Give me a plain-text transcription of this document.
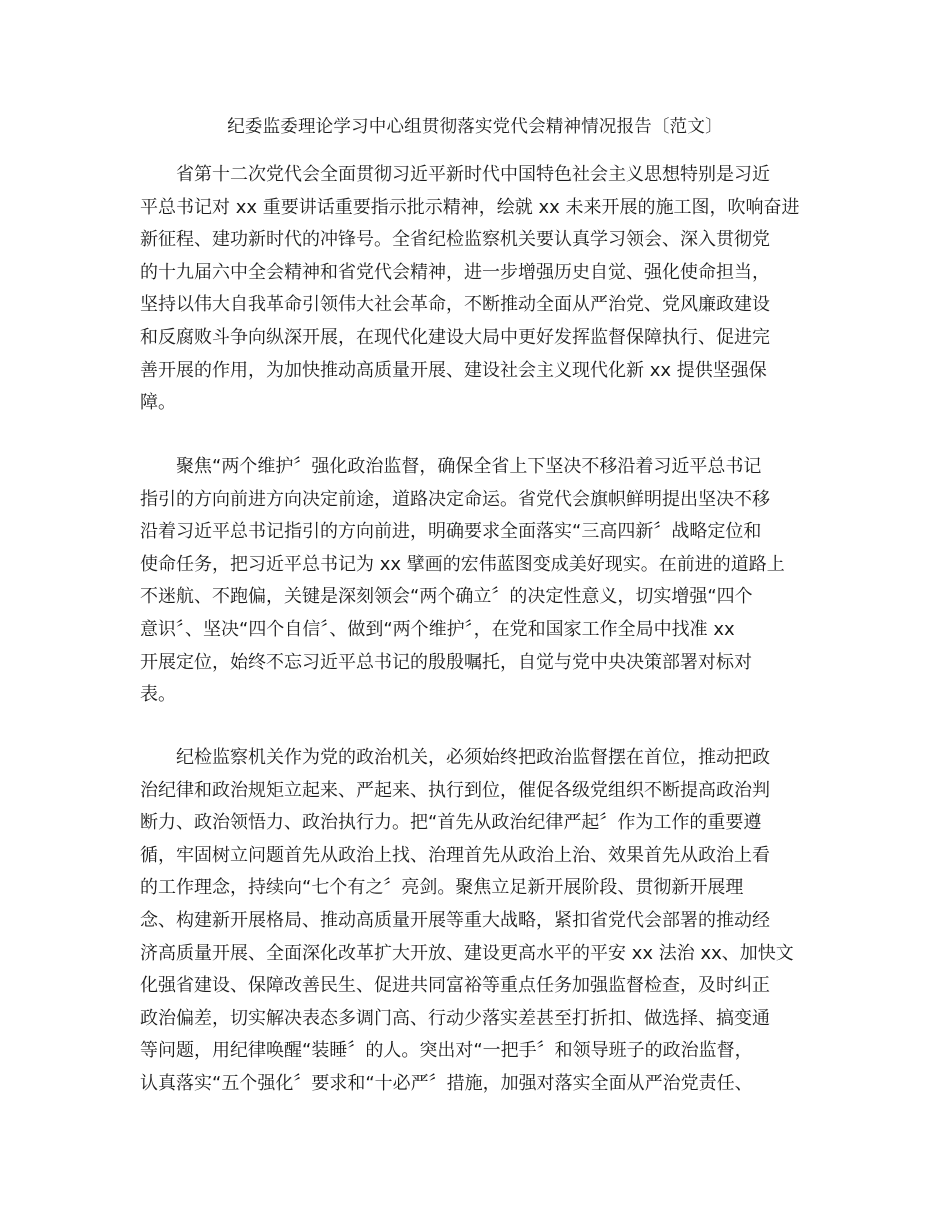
纪委监委理论学习中心组贯彻落实党代会精神情况报告〔范文〕
　　省第十二次党代会全面贯彻习近平新时代中国特色社会主义思想特别是习近
平总书记对 xx 重要讲话重要指示批示精神，绘就 xx 未来开展的施工图，吹响奋进
新征程、建功新时代的冲锋号。全省纪检监察机关要认真学习领会、深入贯彻党
的十九届六中全会精神和省党代会精神，进一步增强历史自觉、强化使命担当，
坚持以伟大自我革命引领伟大社会革命，不断推动全面从严治党、党风廉政建设
和反腐败斗争向纵深开展，在现代化建设大局中更好发挥监督保障执行、促进完
善开展的作用，为加快推动高质量开展、建设社会主义现代化新 xx 提供坚强保
障。
　　聚焦“两个维护〞强化政治监督，确保全省上下坚决不移沿着习近平总书记
指引的方向前进方向决定前途，道路决定命运。省党代会旗帜鲜明提出坚决不移
沿着习近平总书记指引的方向前进，明确要求全面落实“三高四新〞战略定位和
使命任务，把习近平总书记为 xx 擘画的宏伟蓝图变成美好现实。在前进的道路上
不迷航、不跑偏，关键是深刻领会“两个确立〞的决定性意义，切实增强“四个
意识〞、坚决“四个自信〞、做到“两个维护〞，在党和国家工作全局中找准 xx
开展定位，始终不忘习近平总书记的殷殷嘱托，自觉与党中央决策部署对标对
表。
　　纪检监察机关作为党的政治机关，必须始终把政治监督摆在首位，推动把政
治纪律和政治规矩立起来、严起来、执行到位，催促各级党组织不断提高政治判
断力、政治领悟力、政治执行力。把“首先从政治纪律严起〞作为工作的重要遵
循，牢固树立问题首先从政治上找、治理首先从政治上治、效果首先从政治上看
的工作理念，持续向“七个有之〞亮剑。聚焦立足新开展阶段、贯彻新开展理
念、构建新开展格局、推动高质量开展等重大战略，紧扣省党代会部署的推动经
济高质量开展、全面深化改革扩大开放、建设更高水平的平安 xx 法治 xx、加快文
化强省建设、保障改善民生、促进共同富裕等重点任务加强监督检查，及时纠正
政治偏差，切实解决表态多调门高、行动少落实差甚至打折扣、做选择、搞变通
等问题，用纪律唤醒“装睡〞的人。突出对“一把手〞和领导班子的政治监督，
认真落实“五个强化〞要求和“十必严〞措施，加强对落实全面从严治党责任、
